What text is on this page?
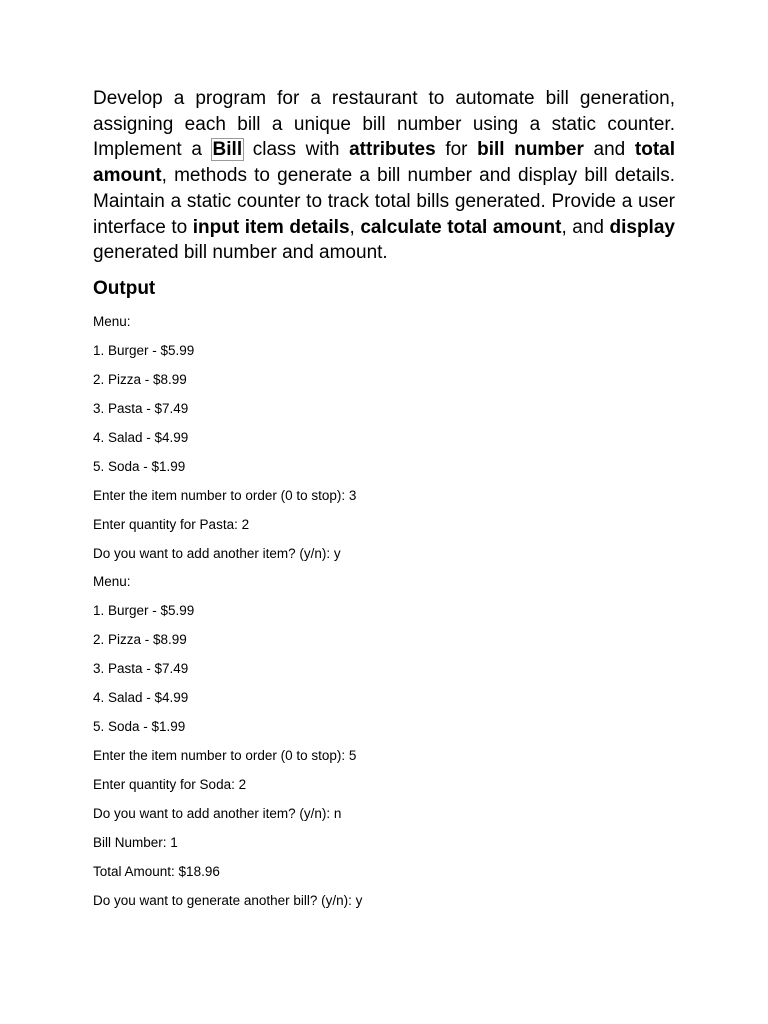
Develop a program for a restaurant to automate bill generation, assigning each bill a unique bill number using a static counter. Implement a Bill class with attributes for bill number and total amount, methods to generate a bill number and display bill details. Maintain a static counter to track total bills generated. Provide a user interface to input item details, calculate total amount, and display generated bill number and amount.

Output
Menu:
1. Burger - $5.99
2. Pizza - $8.99
3. Pasta - $7.49
4. Salad - $4.99
5. Soda - $1.99
Enter the item number to order (0 to stop): 3
Enter quantity for Pasta: 2
Do you want to add another item? (y/n): y
Menu:
1. Burger - $5.99
2. Pizza - $8.99
3. Pasta - $7.49
4. Salad - $4.99
5. Soda - $1.99
Enter the item number to order (0 to stop): 5
Enter quantity for Soda: 2
Do you want to add another item? (y/n): n
Bill Number: 1
Total Amount: $18.96
Do you want to generate another bill? (y/n): y
